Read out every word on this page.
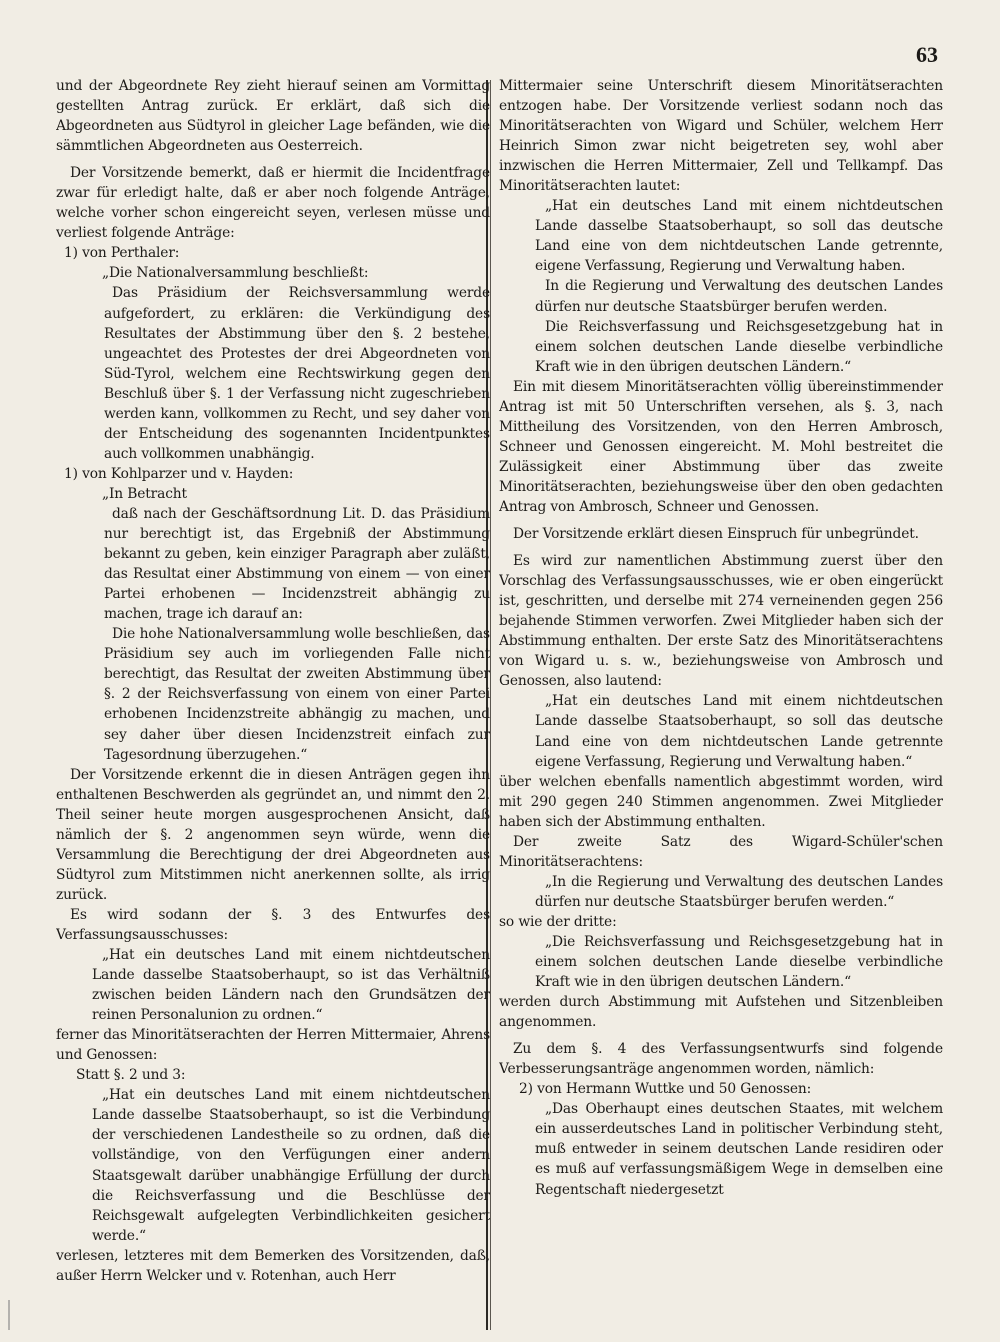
63

und der Abgeordnete Rey zieht hierauf seinen am Vormittag gestellten Antrag zurück. Er erklärt, daß sich die Abgeordneten aus Südtyrol in gleicher Lage befänden, wie die sämmtlichen Abgeordneten aus Oesterreich.

Der Vorsitzende bemerkt, daß er hiermit die Incidentfrage zwar für erledigt halte, daß er aber noch folgende Anträge, welche vorher schon eingereicht seyen, verlesen müsse und verliest folgende Anträge:

1) von Perthaler:

„Die Nationalversammlung beschließt:

Das Präsidium der Reichsversammlung werde aufgefordert, zu erklären: die Verkündigung des Resultates der Abstimmung über den §. 2 bestehe, ungeachtet des Protestes der drei Abgeordneten von Süd-Tyrol, welchem eine Rechtswirkung gegen den Beschluß über §. 1 der Verfassung nicht zugeschrieben werden kann, vollkommen zu Recht, und sey daher von der Entscheidung des sogenannten Incidentpunktes auch vollkommen unabhängig.

1) von Kohlparzer und v. Hayden:

„In Betracht

daß nach der Geschäftsordnung Lit. D. das Präsidium nur berechtigt ist, das Ergebniß der Abstimmung bekannt zu geben, kein einziger Paragraph aber zuläßt, das Resultat einer Abstimmung von einem — von einer Partei erhobenen — Incidenzstreit abhängig zu machen, trage ich darauf an:

Die hohe Nationalversammlung wolle beschließen, das Präsidium sey auch im vorliegenden Falle nicht berechtigt, das Resultat der zweiten Abstimmung über §. 2 der Reichsverfassung von einem von einer Partei erhobenen Incidenzstreite abhängig zu machen, und sey daher über diesen Incidenzstreit einfach zur Tagesordnung überzugehen.“

Der Vorsitzende erkennt die in diesen Anträgen gegen ihn enthaltenen Beschwerden als gegründet an, und nimmt den 2. Theil seiner heute morgen ausgesprochenen Ansicht, daß nämlich der §. 2 angenommen seyn würde, wenn die Versammlung die Berechtigung der drei Abgeordneten aus Südtyrol zum Mitstimmen nicht anerkennen sollte, als irrig zurück.

Es wird sodann der §. 3 des Entwurfes des Verfassungsausschusses:

„Hat ein deutsches Land mit einem nichtdeutschen Lande dasselbe Staatsoberhaupt, so ist das Verhältniß zwischen beiden Ländern nach den Grundsätzen der reinen Personalunion zu ordnen.“

ferner das Minoritätserachten der Herren Mittermaier, Ahrens und Genossen:

Statt §. 2 und 3:

„Hat ein deutsches Land mit einem nichtdeutschen Lande dasselbe Staatsoberhaupt, so ist die Verbindung der verschiedenen Landestheile so zu ordnen, daß die vollständige, von den Verfügungen einer andern Staatsgewalt darüber unabhängige Erfüllung der durch die Reichsverfassung und die Beschlüsse der Reichsgewalt aufgelegten Verbindlichkeiten gesichert werde.“

verlesen, letzteres mit dem Bemerken des Vorsitzenden, daß, außer Herrn Welcker und v. Rotenhan, auch Herr

Mittermaier seine Unterschrift diesem Minoritätserachten entzogen habe. Der Vorsitzende verliest sodann noch das Minoritätserachten von Wigard und Schüler, welchem Herr Heinrich Simon zwar nicht beigetreten sey, wohl aber inzwischen die Herren Mittermaier, Zell und Tellkampf. Das Minoritätserachten lautet:

„Hat ein deutsches Land mit einem nichtdeutschen Lande dasselbe Staatsoberhaupt, so soll das deutsche Land eine von dem nichtdeutschen Lande getrennte, eigene Verfassung, Regierung und Verwaltung haben.

In die Regierung und Verwaltung des deutschen Landes dürfen nur deutsche Staatsbürger berufen werden.

Die Reichsverfassung und Reichsgesetzgebung hat in einem solchen deutschen Lande dieselbe verbindliche Kraft wie in den übrigen deutschen Ländern.“

Ein mit diesem Minoritätserachten völlig übereinstimmender Antrag ist mit 50 Unterschriften versehen, als §. 3, nach Mittheilung des Vorsitzenden, von den Herren Ambrosch, Schneer und Genossen eingereicht. M. Mohl bestreitet die Zulässigkeit einer Abstimmung über das zweite Minoritätserachten, beziehungsweise über den oben gedachten Antrag von Ambrosch, Schneer und Genossen.

Der Vorsitzende erklärt diesen Einspruch für unbegründet.

Es wird zur namentlichen Abstimmung zuerst über den Vorschlag des Verfassungsausschusses, wie er oben eingerückt ist, geschritten, und derselbe mit 274 verneinenden gegen 256 bejahende Stimmen verworfen. Zwei Mitglieder haben sich der Abstimmung enthalten. Der erste Satz des Minoritätserachtens von Wigard u. s. w., beziehungsweise von Ambrosch und Genossen, also lautend:

„Hat ein deutsches Land mit einem nichtdeutschen Lande dasselbe Staatsoberhaupt, so soll das deutsche Land eine von dem nichtdeutschen Lande getrennte eigene Verfassung, Regierung und Verwaltung haben.“

über welchen ebenfalls namentlich abgestimmt worden, wird mit 290 gegen 240 Stimmen angenommen. Zwei Mitglieder haben sich der Abstimmung enthalten.

Der zweite Satz des Wigard-Schüler'schen Minoritätserachtens:

„In die Regierung und Verwaltung des deutschen Landes dürfen nur deutsche Staatsbürger berufen werden.“

so wie der dritte:

„Die Reichsverfassung und Reichsgesetzgebung hat in einem solchen deutschen Lande dieselbe verbindliche Kraft wie in den übrigen deutschen Ländern.“

werden durch Abstimmung mit Aufstehen und Sitzenbleiben angenommen.

Zu dem §. 4 des Verfassungsentwurfs sind folgende Verbesserungsanträge angenommen worden, nämlich:

2) von Hermann Wuttke und 50 Genossen:

„Das Oberhaupt eines deutschen Staates, mit welchem ein ausserdeutsches Land in politischer Verbindung steht, muß entweder in seinem deutschen Lande residiren oder es muß auf verfassungsmäßigem Wege in demselben eine Regentschaft niedergesetzt
